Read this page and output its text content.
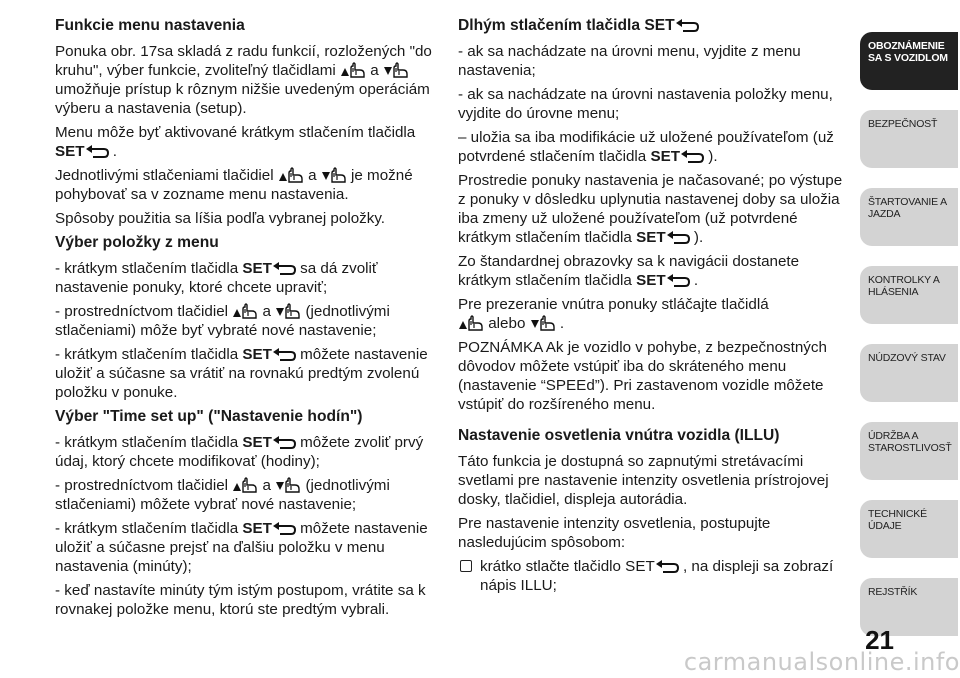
Funkcie menu nastavenia

Ponuka obr. 17sa skladá z radu funkcií, rozložených "do kruhu", výber funkcie, zvoliteľný tlačidlami a
umožňuje prístup k rôznym nižšie uvedeným operáciám výberu a nastavenia (setup).

Menu môže byť aktivované krátkym stlačením tlačidla SET .

Jednotlivými stlačeniami tlačidiel a je možné pohybovať sa v zozname menu nastavenia.

Spôsoby použitia sa líšia podľa vybranej položky.

Výber položky z menu

- krátkym stlačením tlačidla SET sa dá zvoliť nastavenie ponuky, ktoré chcete upraviť;

- prostredníctvom tlačidiel a (jednotlivými stlačeniami) môže byť vybraté nové nastavenie;

- krátkym stlačením tlačidla SET môžete nastavenie uložiť a súčasne sa vrátiť na rovnakú predtým zvolenú položku v ponuke.

Výber "Time set up" ("Nastavenie hodín")

- krátkym stlačením tlačidla SET môžete zvoliť prvý údaj, ktorý chcete modifikovať (hodiny);

- prostredníctvom tlačidiel a (jednotlivými stlačeniami) môžete vybrať nové nastavenie;

- krátkym stlačením tlačidla SET môžete nastavenie uložiť a súčasne prejsť na ďalšiu položku v menu nastavenia (minúty);

- keď nastavíte minúty tým istým postupom, vrátite sa k rovnakej položke menu, ktorú ste predtým vybrali.

Dlhým stlačením tlačidla SET

- ak sa nachádzate na úrovni menu, vyjdite z menu nastavenia;

- ak sa nachádzate na úrovni nastavenia položky menu, vyjdite do úrovne menu;

– uložia sa iba modifikácie už uložené používateľom (už potvrdené stlačením tlačidla SET ).

Prostredie ponuky nastavenia je načasované; po výstupe z ponuky v dôsledku uplynutia nastavenej doby sa uložia iba zmeny už uložené používateľom (už potvrdené krátkym stlačením tlačidla SET ).

Zo štandardnej obrazovky sa k navigácii dostanete krátkym stlačením tlačidla SET .

Pre prezeranie vnútra ponuky stláčajte tlačidlá

alebo .

POZNÁMKA Ak je vozidlo v pohybe, z bezpečnostných dôvodov môžete vstúpiť iba do skráteného menu (nastavenie “SPEEd”). Pri zastavenom vozidle môžete vstúpiť do rozšíreného menu.

Nastavenie osvetlenia vnútra vozidla (ILLU)

Táto funkcia je dostupná so zapnutými stretávacími svetlami pre nastavenie intenzity osvetlenia prístrojovej dosky, tlačidiel, displeja autorádia.

Pre nastavenie intenzity osvetlenia, postupujte nasledujúcim spôsobom:

krátko stlačte tlačidlo SET , na displeji sa zobrazí nápis ILLU;

OBOZNÁMENIE SA S VOZIDLOM
BEZPEČNOSŤ
ŠTARTOVANIE A JAZDA
KONTROLKY A HLÁSENIA
NÚDZOVÝ STAV
ÚDRŽBA A STAROSTLIVOSŤ
TECHNICKÉ ÚDAJE
REJSTŘÍK
21
carmanualsonline.info
